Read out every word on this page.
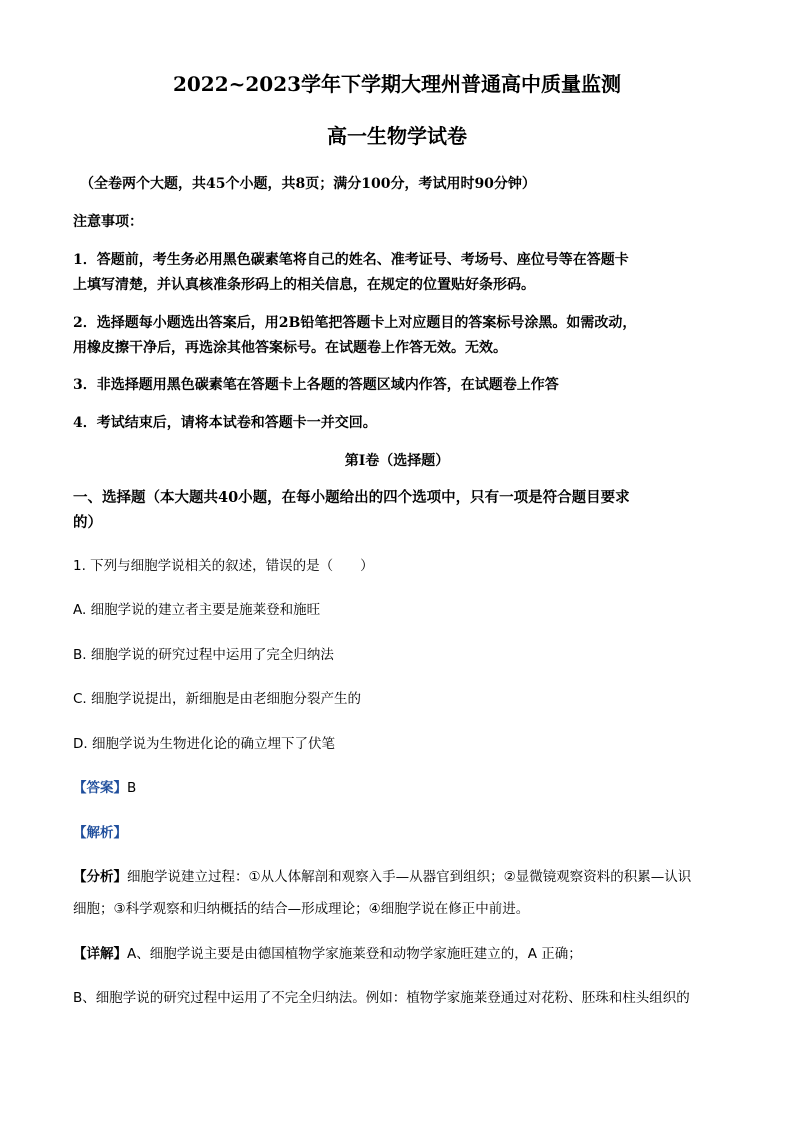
2022~2023学年下学期大理州普通高中质量监测
高一生物学试卷
（全卷两个大题，共45个小题，共8页；满分100分，考试用时90分钟）
注意事项：
1．答题前，考生务必用黑色碳素笔将自己的姓名、准考证号、考场号、座位号等在答题卡
上填写清楚，并认真核准条形码上的相关信息，在规定的位置贴好条形码。
2．选择题每小题选出答案后，用2B铅笔把答题卡上对应题目的答案标号涂黑。如需改动，
用橡皮擦干净后，再选涂其他答案标号。在试题卷上作答无效。无效。
3．非选择题用黑色碳素笔在答题卡上各题的答题区域内作答，在试题卷上作答
4．考试结束后，请将本试卷和答题卡一并交回。
第Ⅰ卷（选择题）
一、选择题（本大题共40小题，在每小题给出的四个选项中，只有一项是符合题目要求
的）
1. 下列与细胞学说相关的叙述，错误的是（　　）
A. 细胞学说的建立者主要是施莱登和施旺
B. 细胞学说的研究过程中运用了完全归纳法
C. 细胞学说提出，新细胞是由老细胞分裂产生的
D. 细胞学说为生物进化论的确立埋下了伏笔
【答案】B
【解析】
【分析】细胞学说建立过程：①从人体解剖和观察入手—从器官到组织；②显微镜观察资料的积累—认识
细胞；③科学观察和归纳概括的结合—形成理论；④细胞学说在修正中前进。
【详解】A、细胞学说主要是由德国植物学家施莱登和动物学家施旺建立的，A 正确；
B、细胞学说的研究过程中运用了不完全归纳法。例如：植物学家施莱登通过对花粉、胚珠和柱头组织的
